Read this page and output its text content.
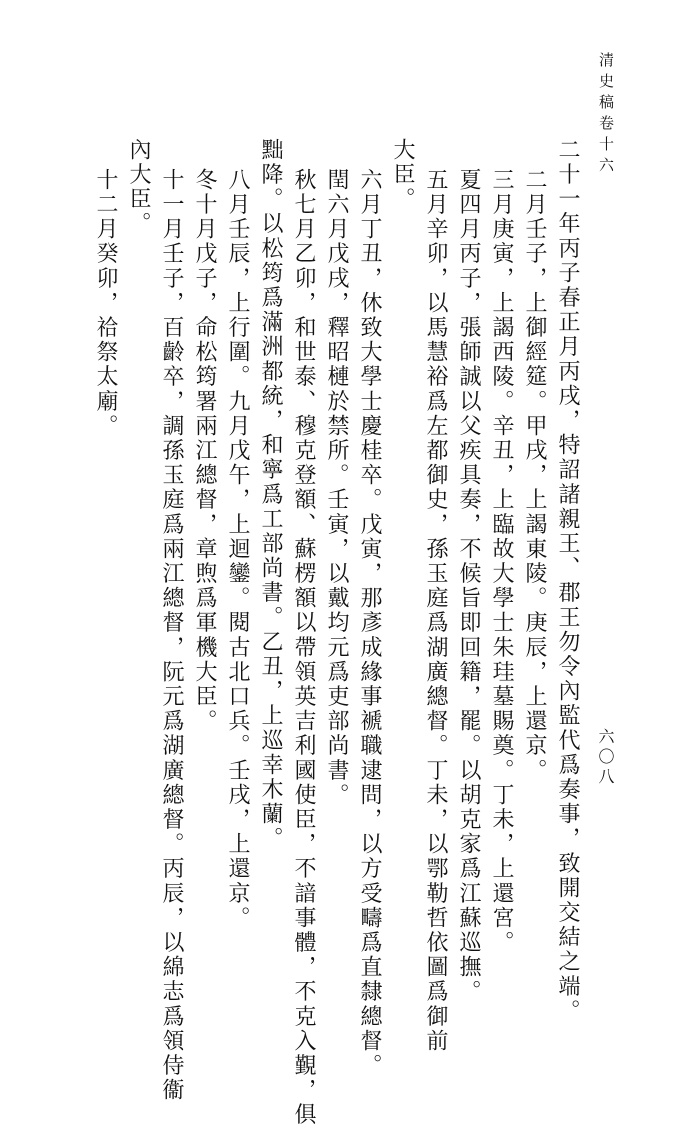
清史稿卷十六
六〇八
二十一年丙子春正月丙戌，特詔諸親王、郡王勿令內監代爲奏事，致開交結之端。
二月壬子，上御經筵。甲戌，上謁東陵。庚辰，上還京。
三月庚寅，上謁西陵。辛丑，上臨故大學士朱珪墓賜奠。丁未，上還宮。
夏四月丙子，張師誠以父疾具奏，不候旨即回籍，罷。以胡克家爲江蘇巡撫。
五月辛卯，以馬慧裕爲左都御史，孫玉庭爲湖廣總督。丁未，以鄂勒哲依圖爲御前
大臣。
六月丁丑，休致大學士慶桂卒。戊寅，那彥成緣事褫職逮問，以方受疇爲直隸總督。
閏六月戊戌，釋昭槤於禁所。壬寅，以戴均元爲吏部尚書。
秋七月乙卯，和世泰、穆克登額、蘇楞額以帶領英吉利國使臣，不諳事體，不克入覲，俱
黜降。以松筠爲滿洲都統，和寧爲工部尚書。乙丑，上巡幸木蘭。
八月壬辰，上行圍。九月戊午，上迴鑾。閱古北口兵。壬戌，上還京。
冬十月戊子，命松筠署兩江總督，章煦爲軍機大臣。
十一月壬子，百齡卒，調孫玉庭爲兩江總督，阮元爲湖廣總督。丙辰，以綿志爲領侍衞
內大臣。
十二月癸卯，祫祭太廟。
